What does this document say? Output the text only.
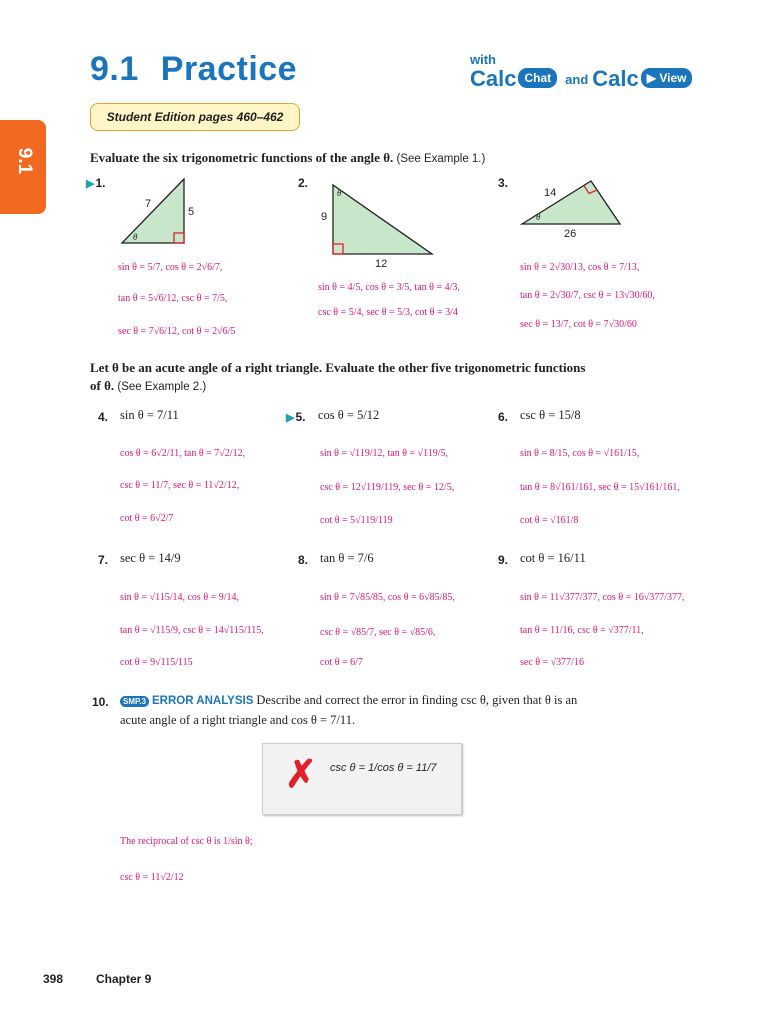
9.1
9.1 Practice	with
Calc Chat	and Calc ▶ View
Student Edition pages 460–462
Evaluate the six trigonometric functions of the angle θ. (See Example 1.)
▶1.
7
5
θ
sin θ = 5/7, cos θ = 2√6/7,
tan θ = 5√6/12, csc θ = 7/5,
sec θ = 7√6/12, cot θ = 2√6/5
2.
θ
9
12
sin θ = 4/5, cos θ = 3/5, tan θ = 4/3,
csc θ = 5/4, sec θ = 5/3, cot θ = 3/4
3.
14
θ
26
sin θ = 2√30/13, cos θ = 7/13,
tan θ = 2√30/7, csc θ = 13√30/60,
sec θ = 13/7, cot θ = 7√30/60
Let θ be an acute angle of a right triangle. Evaluate the other five trigonometric functions
of θ. (See Example 2.)
4. sin θ = 7/11
cos θ = 6√2/11, tan θ = 7√2/12,
csc θ = 11/7, sec θ = 11√2/12,
cot θ = 6√2/7
▶5. cos θ = 5/12
sin θ = √119/12, tan θ = √119/5,
csc θ = 12√119/119, sec θ = 12/5,
cot θ = 5√119/119
6. csc θ = 15/8
sin θ = 8/15, cos θ = √161/15,
tan θ = 8√161/161, sec θ = 15√161/161,
cot θ = √161/8
7. sec θ = 14/9
sin θ = √115/14, cos θ = 9/14,
tan θ = √115/9, csc θ = 14√115/115,
cot θ = 9√115/115
8. tan θ = 7/6
sin θ = 7√85/85, cos θ = 6√85/85,
csc θ = √85/7, sec θ = √85/6,
cot θ = 6/7
9. cot θ = 16/11
sin θ = 11√377/377, cos θ = 16√377/377,
tan θ = 11/16, csc θ = √377/11,
sec θ = √377/16
10.	SMP.3 ERROR ANALYSIS Describe and correct the error in finding csc θ, given that θ is an
acute angle of a right triangle and cos θ = 7/11.
✗ csc θ = 1/cos θ = 11/7
The reciprocal of csc θ is 1/sin θ;
csc θ = 11√2/12
398	Chapter 9
